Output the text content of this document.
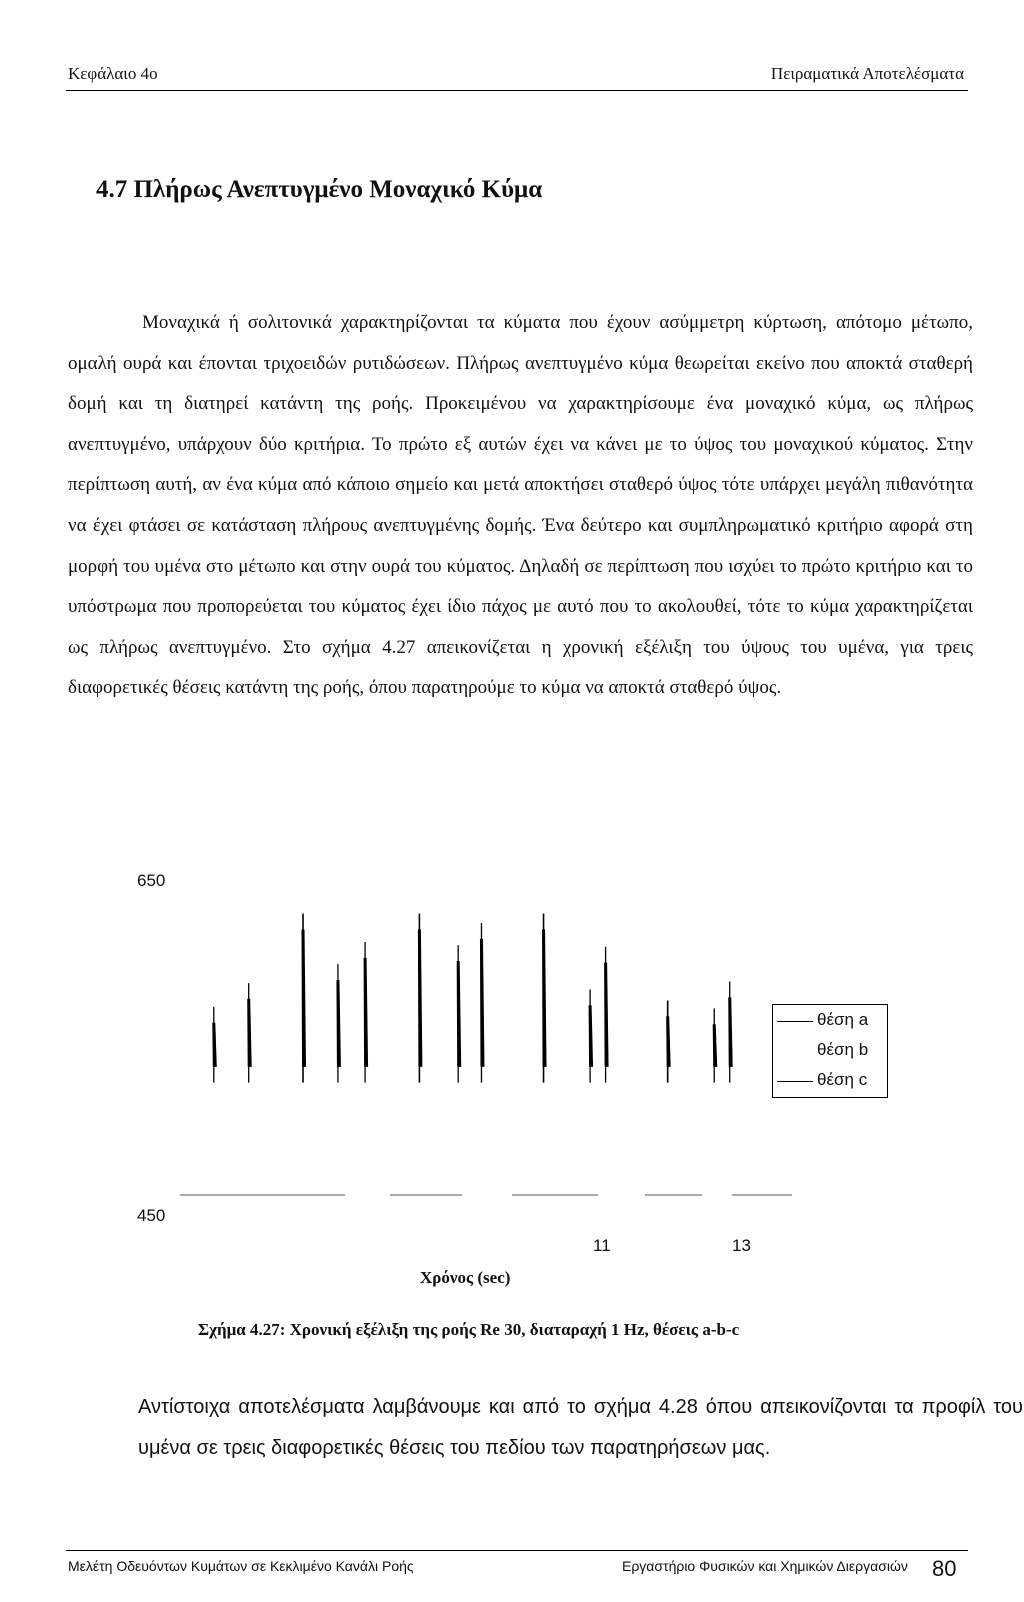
Κεφάλαιο 4ο	Πειραματικά Αποτελέσματα
4.7 Πλήρως Ανεπτυγμένο Μοναχικό Κύμα

Μοναχικά ή σολιτονικά χαρακτηρίζονται τα κύματα που έχουν ασύμμετρη κύρτωση, απότομο μέτωπο, ομαλή ουρά και έπονται τριχοειδών ρυτιδώσεων. Πλήρως ανεπτυγμένο κύμα θεωρείται εκείνο που αποκτά σταθερή δομή και τη διατηρεί κατάντη της ροής. Προκειμένου να χαρακτηρίσουμε ένα μοναχικό κύμα, ως πλήρως ανεπτυγμένο, υπάρχουν δύο κριτήρια. Το πρώτο εξ αυτών έχει να κάνει με το ύψος του μοναχικού κύματος. Στην περίπτωση αυτή, αν ένα κύμα από κάποιο σημείο και μετά αποκτήσει σταθερό ύψος τότε υπάρχει μεγάλη πιθανότητα να έχει φτάσει σε κατάσταση πλήρους ανεπτυγμένης δομής. Ένα δεύτερο και συμπληρωματικό κριτήριο αφορά στη μορφή του υμένα στο μέτωπο και στην ουρά του κύματος. Δηλαδή σε περίπτωση που ισχύει το πρώτο κριτήριο και το υπόστρωμα που προπορεύεται του κύματος έχει ίδιο πάχος με αυτό που το ακολουθεί, τότε το κύμα χαρακτηρίζεται ως πλήρως ανεπτυγμένο. Στο σχήμα 4.27 απεικονίζεται η χρονική εξέλιξη του ύψους του υμένα, για τρεις διαφορετικές θέσεις κατάντη της ροής, όπου παρατηρούμε το κύμα να αποκτά σταθερό ύψος.

650
450
11	13
Χρόνος (sec)
θέση a
θέση b
θέση c
Σχήμα 4.27: Χρονική εξέλιξη της ροής Re 30, διαταραχή 1 Hz, θέσεις a-b-c

Αντίστοιχα αποτελέσματα λαμβάνουμε και από το σχήμα 4.28 όπου απεικονίζονται τα προφίλ του υμένα σε τρεις διαφορετικές θέσεις του πεδίου των παρατηρήσεων μας.

Μελέτη Οδευόντων Κυμάτων σε Κεκλιμένο Κανάλι Ροής	Εργαστήριο Φυσικών και Χημικών Διεργασιών 80
